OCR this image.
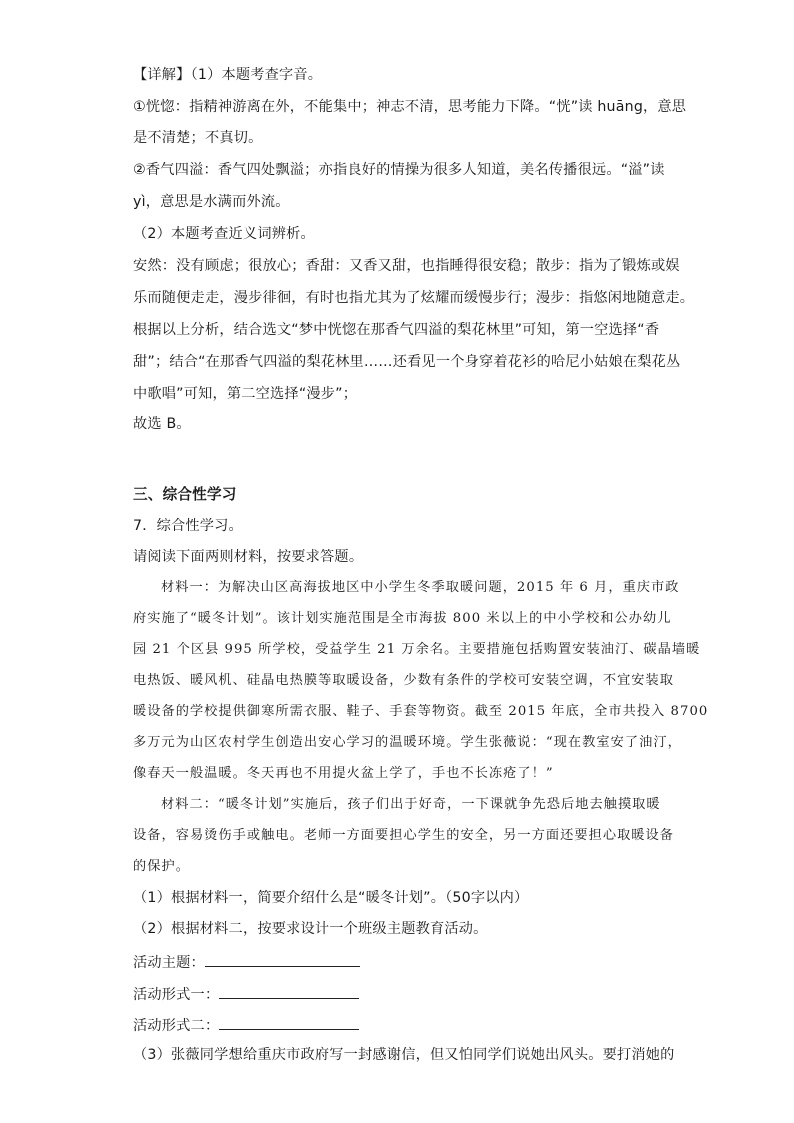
【详解】（1）本题考查字音。
①恍惚：指精神游离在外，不能集中；神志不清，思考能力下降。“恍”读 huāng，意思
是不清楚；不真切。
②香气四溢：香气四处飘溢；亦指良好的情操为很多人知道，美名传播很远。“溢”读
yì，意思是水满而外流。
（2）本题考查近义词辨析。
安然：没有顾虑；很放心；香甜：又香又甜，也指睡得很安稳；散步：指为了锻炼或娱
乐而随便走走，漫步徘徊，有时也指尤其为了炫耀而缓慢步行；漫步：指悠闲地随意走。
根据以上分析，结合选文“梦中恍惚在那香气四溢的梨花林里”可知，第一空选择“香
甜”；结合“在那香气四溢的梨花林里……还看见一个身穿着花衫的哈尼小姑娘在梨花丛
中歌唱”可知，第二空选择“漫步”；
故选 B。
三、综合性学习
7．综合性学习。
请阅读下面两则材料，按要求答题。
材料一：为解决山区高海拔地区中小学生冬季取暖问题，2015 年 6 月，重庆市政
府实施了“暖冬计划”。该计划实施范围是全市海拔 800 米以上的中小学校和公办幼儿
园 21 个区县 995 所学校，受益学生 21 万余名。主要措施包括购置安装油汀、碳晶墙暖
电热饭、暖风机、硅晶电热膜等取暖设备，少数有条件的学校可安装空调，不宜安装取
暖设备的学校提供御寒所需衣服、鞋子、手套等物资。截至 2015 年底，全市共投入 8700
多万元为山区农村学生创造出安心学习的温暖环境。学生张薇说：“现在教室安了油汀，
像春天一般温暖。冬天再也不用提火盆上学了，手也不长冻疮了！”
材料二：“暖冬计划”实施后，孩子们出于好奇，一下课就争先恐后地去触摸取暖
设备，容易烫伤手或触电。老师一方面要担心学生的安全，另一方面还要担心取暖设备
的保护。
（1）根据材料一，简要介绍什么是“暖冬计划”。（50字以内）
（2）根据材料二，按要求设计一个班级主题教育活动。
活动主题：
活动形式一：
活动形式二：
（3）张薇同学想给重庆市政府写一封感谢信，但又怕同学们说她出风头。要打消她的
